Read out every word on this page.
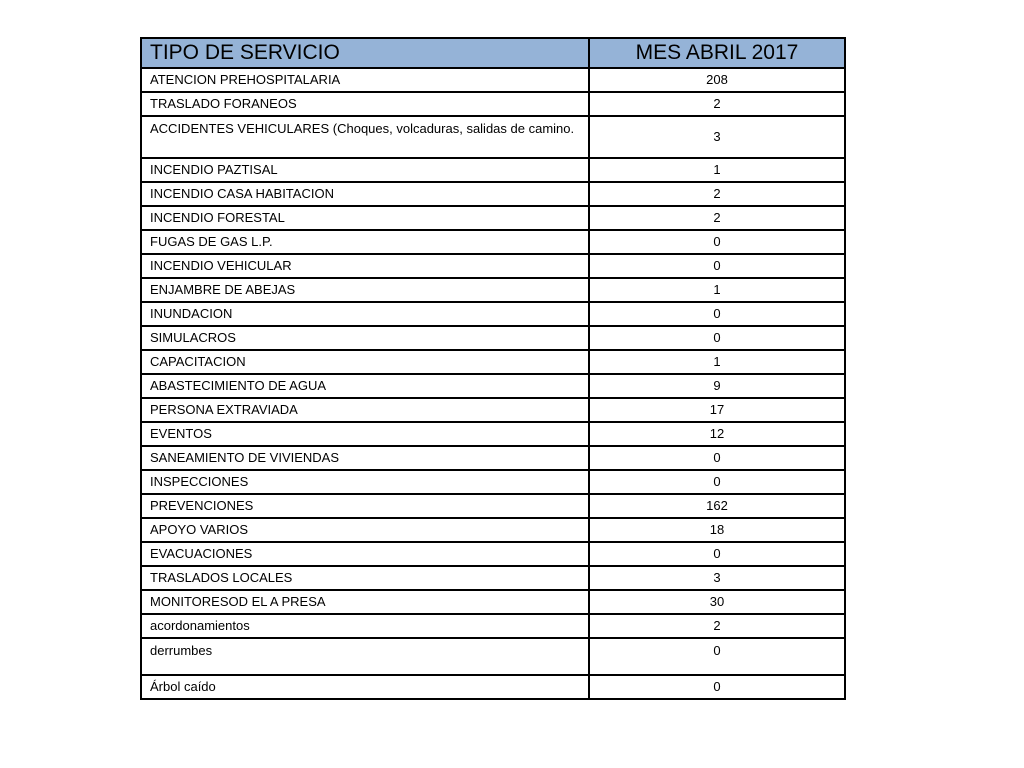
TIPO DE SERVICIO	MES ABRIL 2017
ATENCION PREHOSPITALARIA	208
TRASLADO FORANEOS	2
ACCIDENTES VEHICULARES (Choques, volcaduras, salidas de camino.	3
INCENDIO PAZTISAL	1
INCENDIO CASA HABITACION	2
INCENDIO FORESTAL	2
FUGAS DE GAS L.P.	0
INCENDIO VEHICULAR	0
ENJAMBRE DE ABEJAS	1
INUNDACION	0
SIMULACROS	0
CAPACITACION	1
ABASTECIMIENTO DE AGUA	9
PERSONA EXTRAVIADA	17
EVENTOS	12
SANEAMIENTO DE VIVIENDAS	0
INSPECCIONES	0
PREVENCIONES	162
APOYO VARIOS	18
EVACUACIONES	0
TRASLADOS LOCALES	3
MONITORESOD EL A PRESA	30
acordonamientos	2
derrumbes	0
Árbol caído	0
